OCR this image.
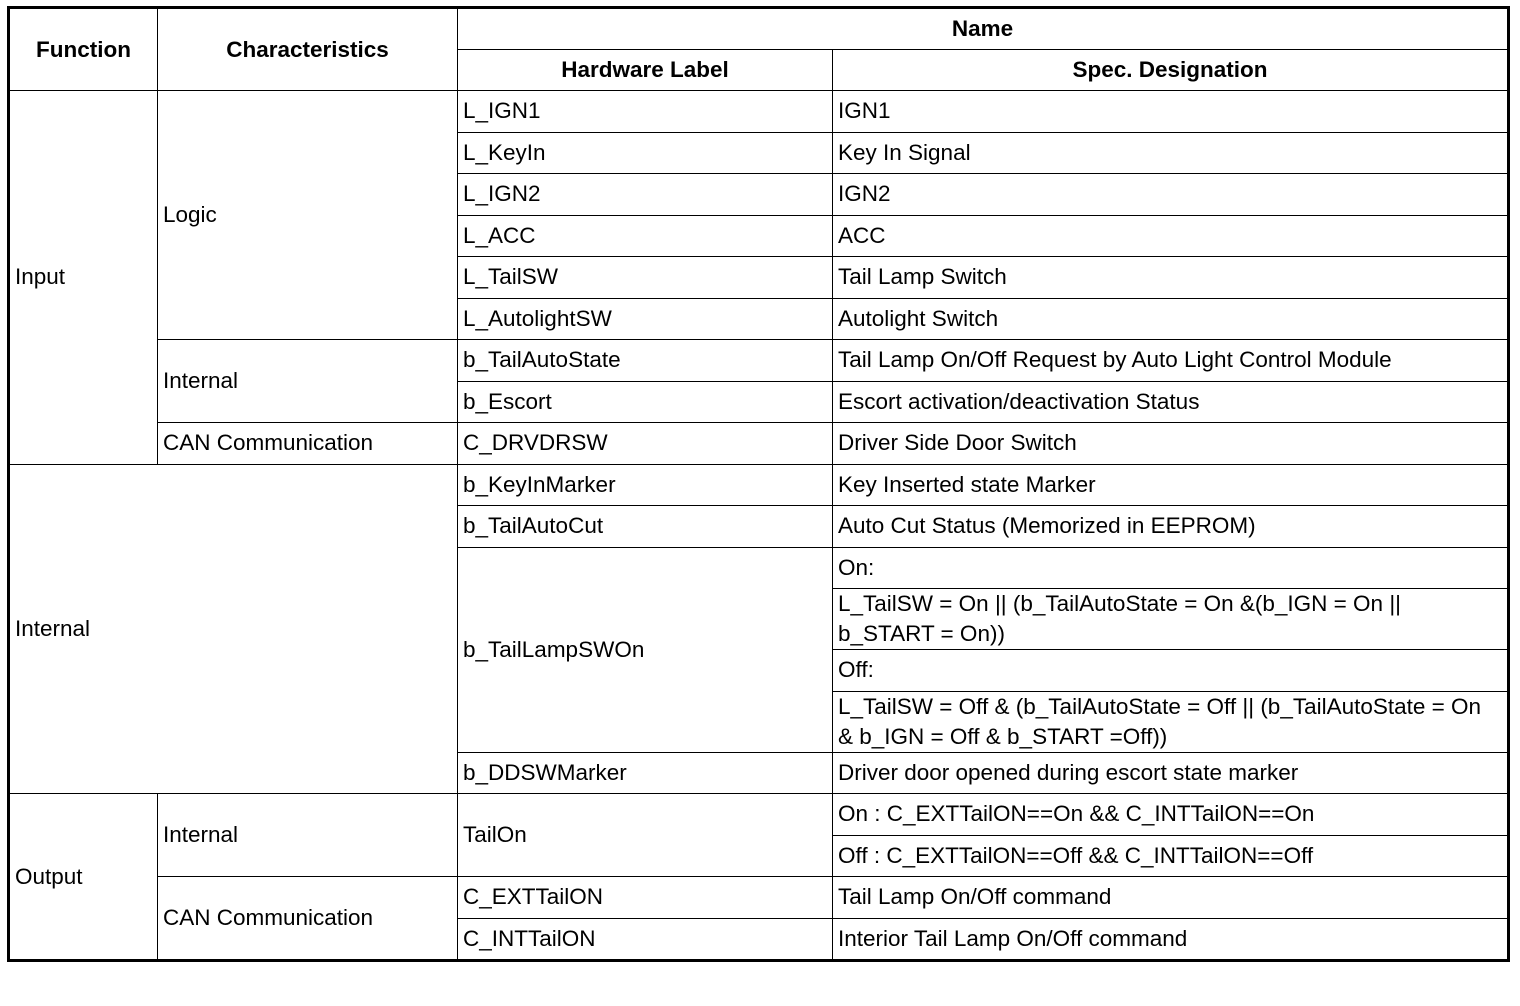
Function	Characteristics	Name	
		Hardware Label	Spec. Designation
Input	Logic	L_IGN1	IGN1
		L_KeyIn	Key In Signal
		L_IGN2	IGN2
		L_ACC	ACC
		L_TailSW	Tail Lamp Switch
		L_AutolightSW	Autolight Switch
	Internal	b_TailAutoState	Tail Lamp On/Off Request by Auto Light Control Module
		b_Escort	Escort activation/deactivation Status
	CAN Communication	C_DRVDRSW	Driver Side Door Switch
Internal		b_KeyInMarker	Key Inserted state Marker
		b_TailAutoCut	Auto Cut Status (Memorized in EEPROM)
		b_TailLampSWOn	On:
			L_TailSW = On || (b_TailAutoState = On &(b_IGN = On || b_START = On))
			Off:
			L_TailSW = Off & (b_TailAutoState = Off || (b_TailAutoState = On & b_IGN = Off & b_START =Off))
		b_DDSWMarker	Driver door opened during escort state marker
Output	Internal	TailOn	On : C_EXTTailON==On && C_INTTailON==On
			Off : C_EXTTailON==Off && C_INTTailON==Off
	CAN Communication	C_EXTTailON	Tail Lamp On/Off command
		C_INTTailON	Interior Tail Lamp On/Off command
